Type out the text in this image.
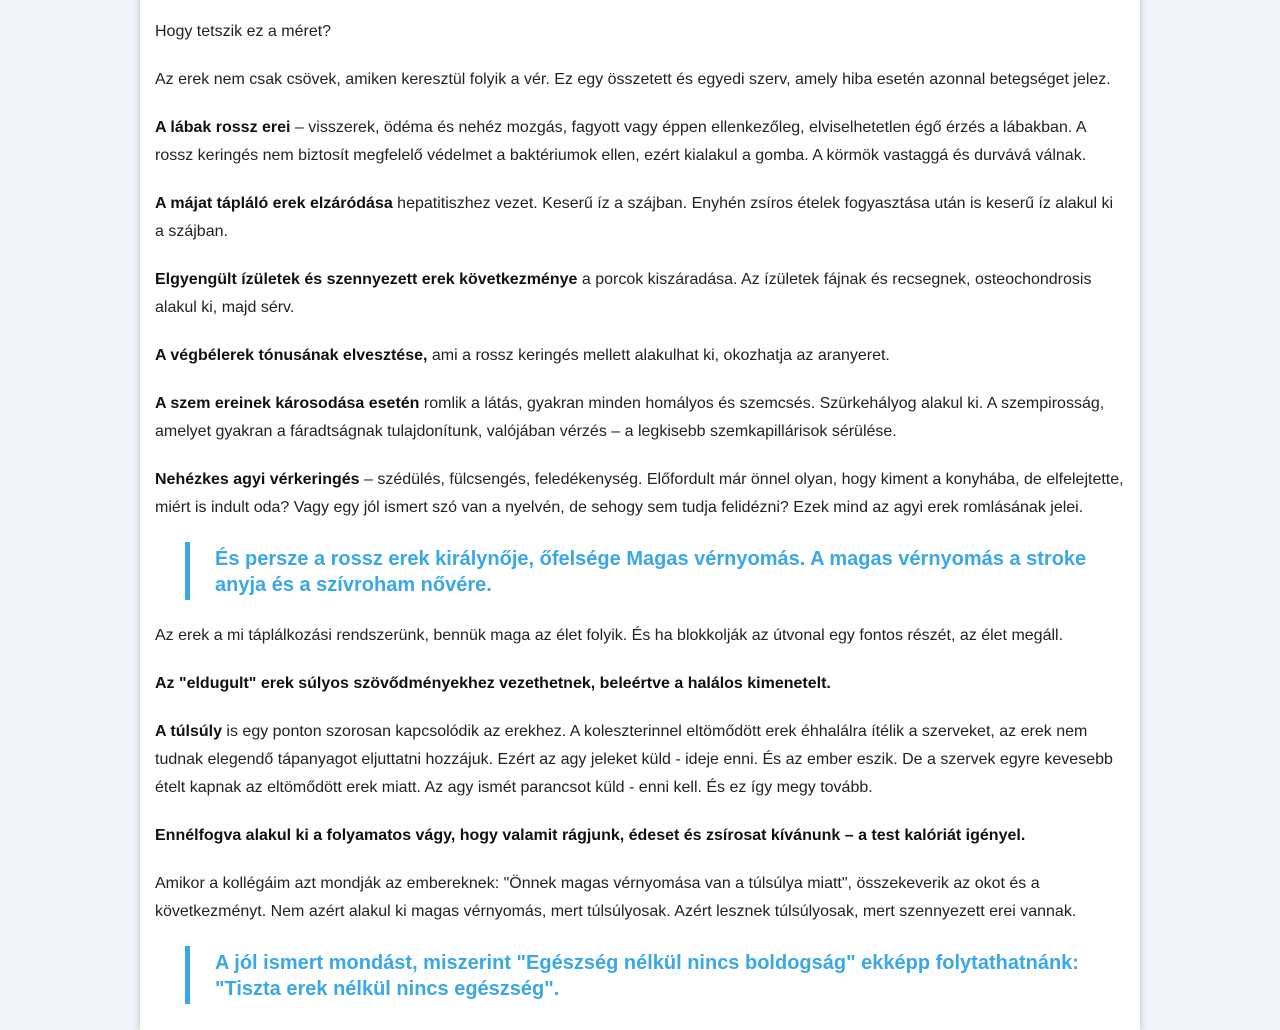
Hogy tetszik ez a méret?

Az erek nem csak csövek, amiken keresztül folyik a vér. Ez egy összetett és egyedi szerv, amely hiba esetén azonnal betegséget jelez.

A lábak rossz erei – visszerek, ödéma és nehéz mozgás, fagyott vagy éppen ellenkezőleg, elviselhetetlen égő érzés a lábakban. A rossz keringés nem biztosít megfelelő védelmet a baktériumok ellen, ezért kialakul a gomba. A körmök vastaggá és durvává válnak.

A májat tápláló erek elzáródása hepatitiszhez vezet. Keserű íz a szájban. Enyhén zsíros ételek fogyasztása után is keserű íz alakul ki a szájban.

Elgyengült ízületek és szennyezett erek következménye a porcok kiszáradása. Az ízületek fájnak és recsegnek, osteochondrosis alakul ki, majd sérv.

A végbélerek tónusának elvesztése, ami a rossz keringés mellett alakulhat ki, okozhatja az aranyeret.

A szem ereinek károsodása esetén romlik a látás, gyakran minden homályos és szemcsés. Szürkehályog alakul ki. A szempirosság, amelyet gyakran a fáradtságnak tulajdonítunk, valójában vérzés – a legkisebb szemkapillárisok sérülése.

Nehézkes agyi vérkeringés – szédülés, fülcsengés, feledékenység. Előfordult már önnel olyan, hogy kiment a konyhába, de elfelejtette, miért is indult oda? Vagy egy jól ismert szó van a nyelvén, de sehogy sem tudja felidézni? Ezek mind az agyi erek romlásának jelei.

És persze a rossz erek királynője, őfelsége Magas vérnyomás. A magas vérnyomás a stroke anyja és a szívroham nővére.

Az erek a mi táplálkozási rendszerünk, bennük maga az élet folyik. És ha blokkolják az útvonal egy fontos részét, az élet megáll.

Az "eldugult" erek súlyos szövődményekhez vezethetnek, beleértve a halálos kimenetelt.

A túlsúly is egy ponton szorosan kapcsolódik az erekhez. A koleszterinnel eltömődött erek éhhalálra ítélik a szerveket, az erek nem tudnak elegendő tápanyagot eljuttatni hozzájuk. Ezért az agy jeleket küld - ideje enni. És az ember eszik. De a szervek egyre kevesebb ételt kapnak az eltömődött erek miatt. Az agy ismét parancsot küld - enni kell. És ez így megy tovább.

Ennélfogva alakul ki a folyamatos vágy, hogy valamit rágjunk, édeset és zsírosat kívánunk – a test kalóriát igényel.

Amikor a kollégáim azt mondják az embereknek: "Önnek magas vérnyomása van a túlsúlya miatt", összekeverik az okot és a következményt. Nem azért alakul ki magas vérnyomás, mert túlsúlyosak. Azért lesznek túlsúlyosak, mert szennyezett erei vannak.

A jól ismert mondást, miszerint "Egészség nélkül nincs boldogság" ekképp folytathatnánk: "Tiszta erek nélkül nincs egészség".
